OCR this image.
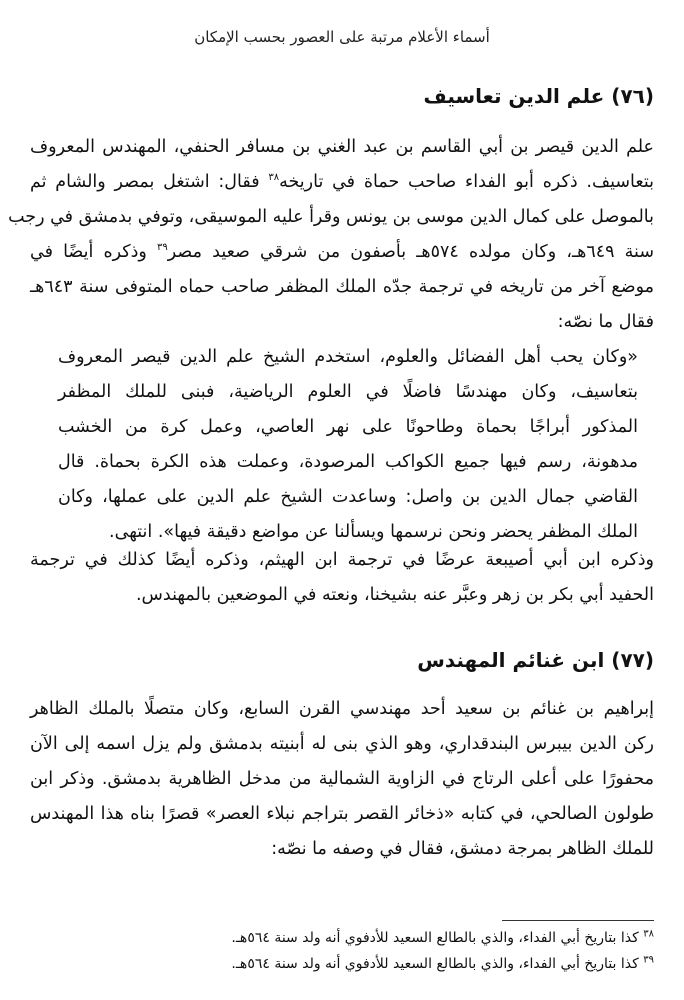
أسماء الأعلام مرتبة على العصور بحسب الإمكان
(٧٦) علم الدين تعاسيف
علم الدين قيصر بن أبي القاسم بن عبد الغني بن مسافر الحنفي، المهندس المعروف
بتعاسيف. ذكره أبو الفداء صاحب حماة في تاريخه$^{٣٨}$ فقال: اشتغل بمصر والشام ثم
بالموصل على كمال الدين موسى بن يونس وقرأ عليه الموسيقى، وتوفي بدمشق في رجب
سنة ٦٤٩هـ، وكان مولده ٥٧٤هـ بأصفون من شرقي صعيد مصر$^{٣٩}$ وذكره أيضًا في
موضع آخر من تاريخه في ترجمة جدّه الملك المظفر صاحب حماه المتوفى سنة ٦٤٣هـ
فقال ما نصّه:
«وكان يحب أهل الفضائل والعلوم، استخدم الشيخ علم الدين قيصر المعروف
بتعاسيف، وكان مهندسًا فاضلًا في العلوم الرياضية، فبنى للملك المظفر
المذكور أبراجًا بحماة وطاحونًا على نهر العاصي، وعمل كرة من الخشب
مدهونة، رسم فيها جميع الكواكب المرصودة، وعملت هذه الكرة بحماة. قال
القاضي جمال الدين بن واصل: وساعدت الشيخ علم الدين على عملها، وكان
الملك المظفر يحضر ونحن نرسمها ويسألنا عن مواضع دقيقة فيها». انتهى.
وذكره ابن أبي أصيبعة عرضًا في ترجمة ابن الهيثم، وذكره أيضًا كذلك في ترجمة
الحفيد أبي بكر بن زهر وعبَّر عنه بشيخنا، ونعته في الموضعين بالمهندس.
(٧٧) ابن غنائم المهندس
إبراهيم بن غنائم بن سعيد أحد مهندسي القرن السابع، وكان متصلًا بالملك الظاهر
ركن الدين بيبرس البندقداري، وهو الذي بنى له أبنيته بدمشق ولم يزل اسمه إلى الآن
محفورًا على أعلى الرتاج في الزاوية الشمالية من مدخل الظاهرية بدمشق. وذكر ابن
طولون الصالحي، في كتابه «ذخائر القصر بتراجم نبلاء العصر» قصرًا بناه هذا المهندس
للملك الظاهر بمرجة دمشق، فقال في وصفه ما نصّه:
$^{٣٨}$ كذا بتاريخ أبي الفداء، والذي بالطالع السعيد للأدفوي أنه ولد سنة ٥٦٤هـ.
$^{٣٩}$ كذا بتاريخ أبي الفداء، والذي بالطالع السعيد للأدفوي أنه ولد سنة ٥٦٤هـ.
